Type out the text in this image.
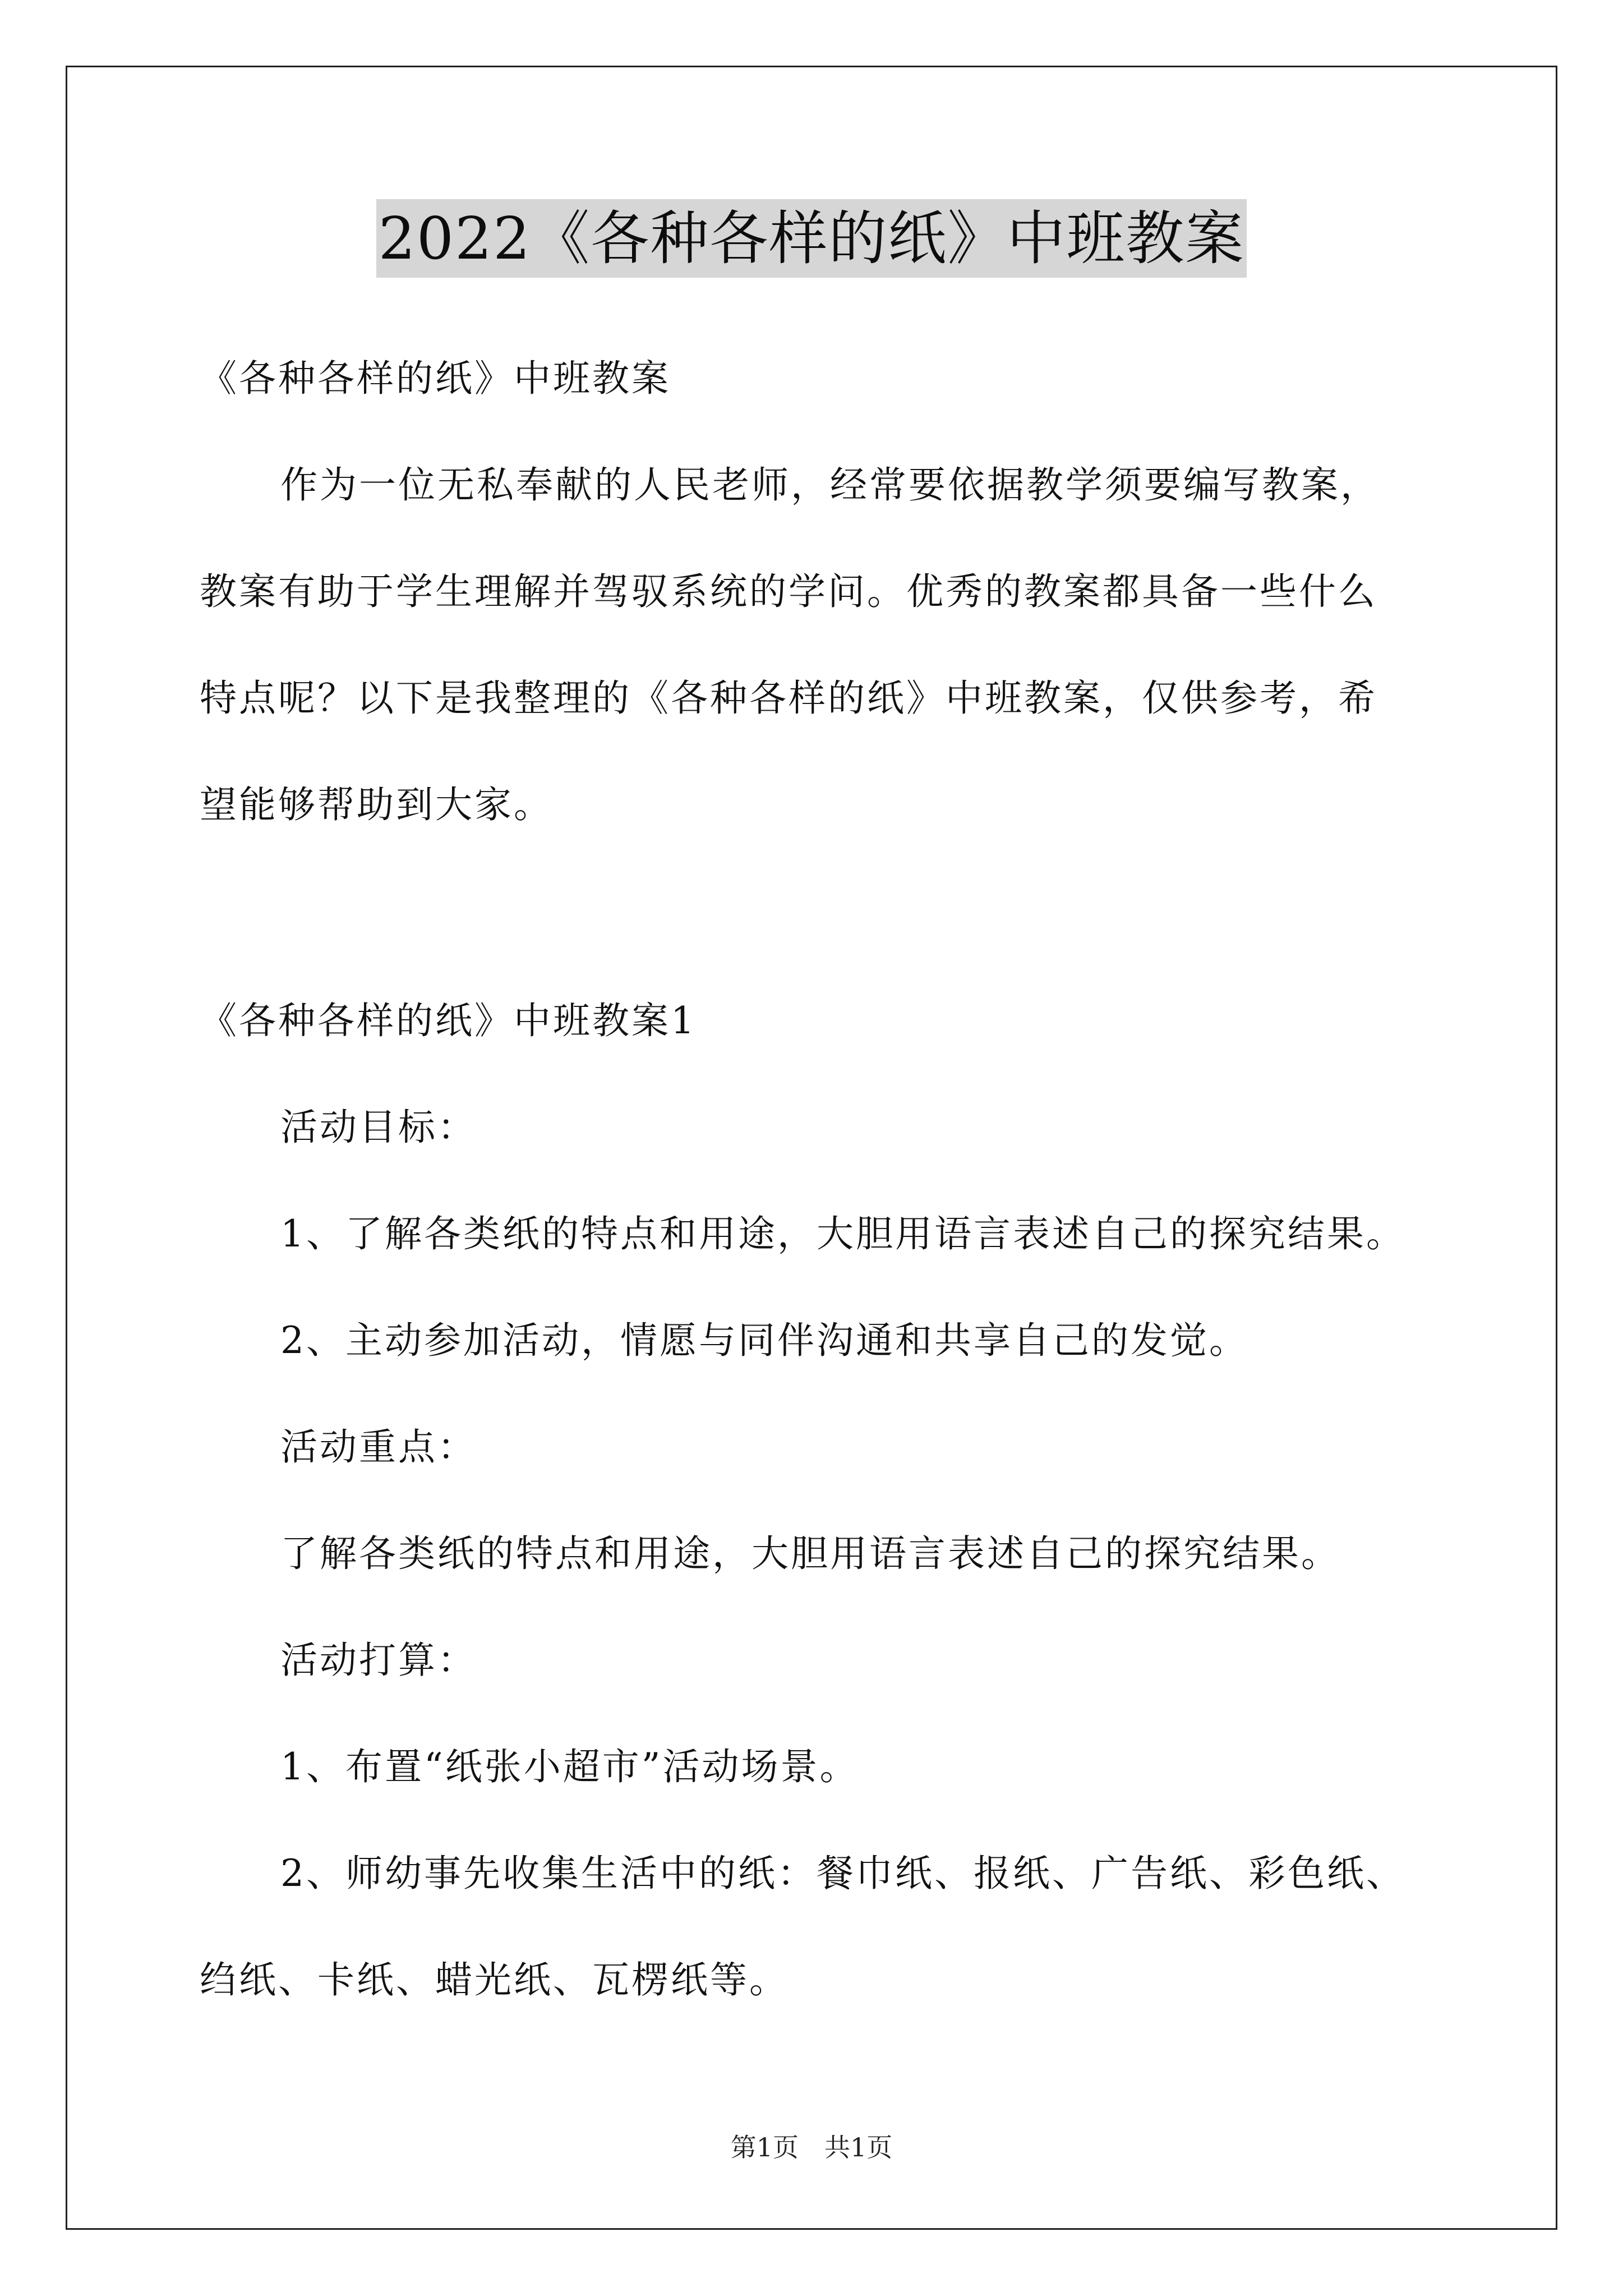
2022《各种各样的纸》中班教案
《各种各样的纸》中班教案
作为一位无私奉献的人民老师，经常要依据教学须要编写教案，
教案有助于学生理解并驾驭系统的学问。优秀的教案都具备一些什么
特点呢？以下是我整理的《各种各样的纸》中班教案，仅供参考，希
望能够帮助到大家。
《各种各样的纸》中班教案1
活动目标：
1、了解各类纸的特点和用途，大胆用语言表述自己的探究结果。
2、主动参加活动，情愿与同伴沟通和共享自己的发觉。
活动重点：
了解各类纸的特点和用途，大胆用语言表述自己的探究结果。
活动打算：
1、布置“纸张小超市”活动场景。
2、师幼事先收集生活中的纸：餐巾纸、报纸、广告纸、彩色纸、
绉纸、卡纸、蜡光纸、瓦楞纸等。
第1页　共1页
